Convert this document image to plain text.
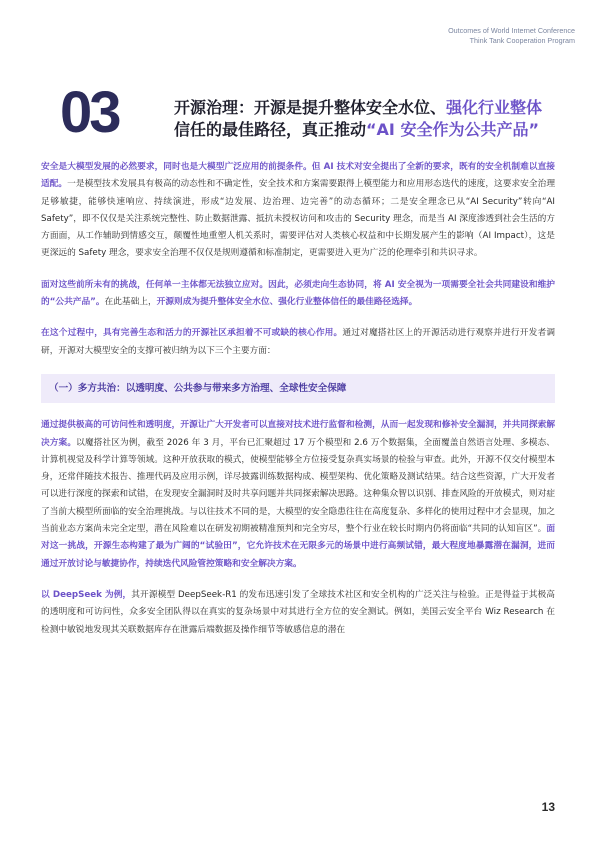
Outcomes of World Internet Conference
Think Tank Cooperation Program
03	开源治理：开源是提升整体安全水位、强化行业整体
信任的最佳路径，真正推动“AI 安全作为公共产品”

安全是大模型发展的必然要求，同时也是大模型广泛应用的前提条件。但 AI 技术对安全提出了全新的要求，既有的安全机制难以直接适配。一是模型技术发展具有极高的动态性和不确定性，安全技术和方案需要跟得上模型能力和应用形态迭代的速度，这要求安全治理足够敏捷，能够快速响应、持续演进，形成“边发展、边治理、边完善”的动态循环；二是安全理念已从“AI Security”转向“AI Safety”，即不仅仅是关注系统完整性、防止数据泄露、抵抗未授权访问和攻击的 Security 理念，而是当 AI 深度渗透到社会生活的方方面面，从工作辅助到情感交互，颠覆性地重塑人机关系时，需要评估对人类核心权益和中长期发展产生的影响（AI Impact），这是更深远的 Safety 理念，要求安全治理不仅仅是规则遵循和标准制定，更需要进入更为广泛的伦理牵引和共识寻求。

面对这些前所未有的挑战，任何单一主体都无法独立应对。因此，必须走向生态协同，将 AI 安全视为一项需要全社会共同建设和维护的“公共产品”。在此基础上，开源则成为提升整体安全水位、强化行业整体信任的最佳路径选择。

在这个过程中，具有完善生态和活力的开源社区承担着不可或缺的核心作用。通过对魔搭社区上的开源活动进行观察并进行开发者调研，开源对大模型安全的支撑可被归纳为以下三个主要方面：

（一）多方共治：以透明度、公共参与带来多方治理、全球性安全保障

通过提供极高的可访问性和透明度，开源让广大开发者可以直接对技术进行监督和检测，从而一起发现和修补安全漏洞，并共同探索解决方案。以魔搭社区为例，截至 2026 年 3 月，平台已汇聚超过 17 万个模型和 2.6 万个数据集，全面覆盖自然语言处理、多模态、计算机视觉及科学计算等领域。这种开放获取的模式，使模型能够全方位接受复杂真实场景的检验与审查。此外，开源不仅交付模型本身，还常伴随技术报告、推理代码及应用示例，详尽披露训练数据构成、模型架构、优化策略及测试结果。结合这些资源，广大开发者可以进行深度的探索和试错，在发现安全漏洞时及时共享问题并共同探索解决思路。这种集众智以识别、排查风险的开放模式，则对症了当前大模型所面临的安全治理挑战。与以往技术不同的是，大模型的安全隐患往往在高度复杂、多样化的使用过程中才会显现，加之当前业态方案尚未完全定型，潜在风险难以在研发初期被精准预判和完全穷尽，整个行业在较长时期内仍将面临“共同的认知盲区”。面对这一挑战，开源生态构建了最为广阔的“试验田”，它允许技术在无限多元的场景中进行高频试错，最大程度地暴露潜在漏洞，进而通过开放讨论与敏捷协作，持续迭代风险管控策略和安全解决方案。

以 DeepSeek 为例，其开源模型 DeepSeek-R1 的发布迅速引发了全球技术社区和安全机构的广泛关注与检验。正是得益于其极高的透明度和可访问性，众多安全团队得以在真实的复杂场景中对其进行全方位的安全测试。例如，美国云安全平台 Wiz Research 在检测中敏锐地发现其关联数据库存在泄露后端数据及操作细节等敏感信息的潜在

13
